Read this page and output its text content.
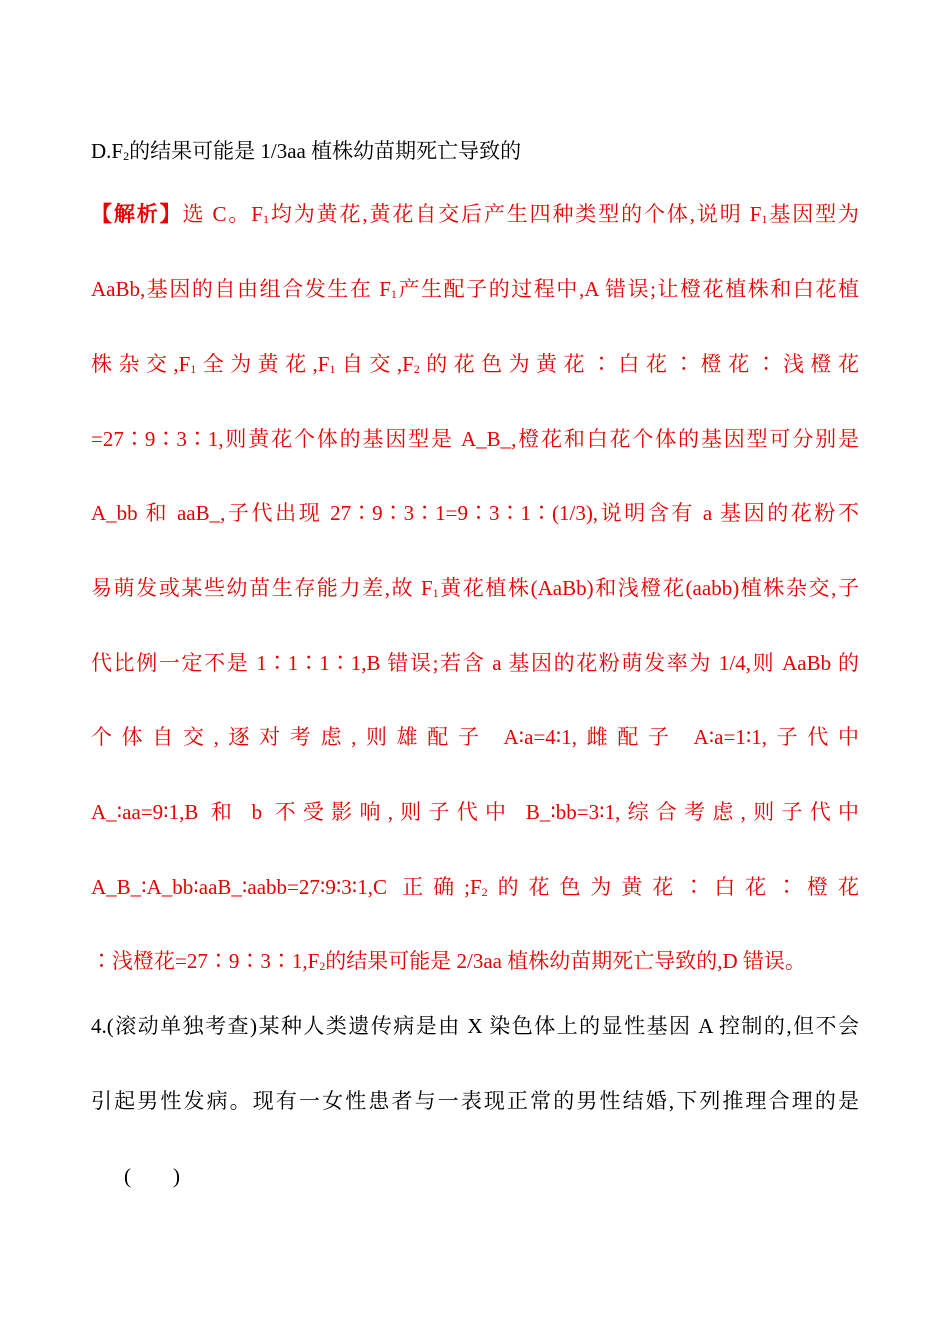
$D.F_2$的结果可能是 1/3aa 植株幼苗期死亡导致的
【解析】选 C。$F_1$均为黄花,黄花自交后产生四种类型的个体,说明 $F_1$基因型为
AaBb,基因的自由组合发生在 $F_1$产生配子的过程中,A 错误;让橙花植株和白花植
株杂交$,F_1$全为黄花$,F_1$自交$,F_2$的花色为黄花∶白花∶橙花∶浅橙花
=27∶9∶3∶1,则黄花个体的基因型是 A_B_,橙花和白花个体的基因型可分别是
A_bb 和 aaB_,子代出现 27∶9∶3∶1=9∶3∶1∶(1/3),说明含有 a 基因的花粉不
易萌发或某些幼苗生存能力差,故 $F_1$黄花植株(AaBb)和浅橙花(aabb)植株杂交,子
代比例一定不是 1∶1∶1∶1,B 错误;若含 a 基因的花粉萌发率为 1/4,则 AaBb 的
个体自交,逐对考虑,则雄配子 A∶a=4∶1,雌配子 A∶a=1∶1,子代中
A_∶aa=9∶1,B 和 b 不受影响,则子代中 B_∶bb=3∶1,综合考虑,则子代中
A_B_∶A_bb∶aaB_∶aabb=27∶9∶3∶1,C 正确$;F_2$的花色为黄花∶白花∶橙花
∶浅橙花$=27∶9∶3∶1,F_2$的结果可能是 2/3aa 植株幼苗期死亡导致的,D 错误。
4.(滚动单独考查)某种人类遗传病是由 X 染色体上的显性基因 A 控制的,但不会
引起男性发病。现有一女性患者与一表现正常的男性结婚,下列推理合理的是
(　　)
